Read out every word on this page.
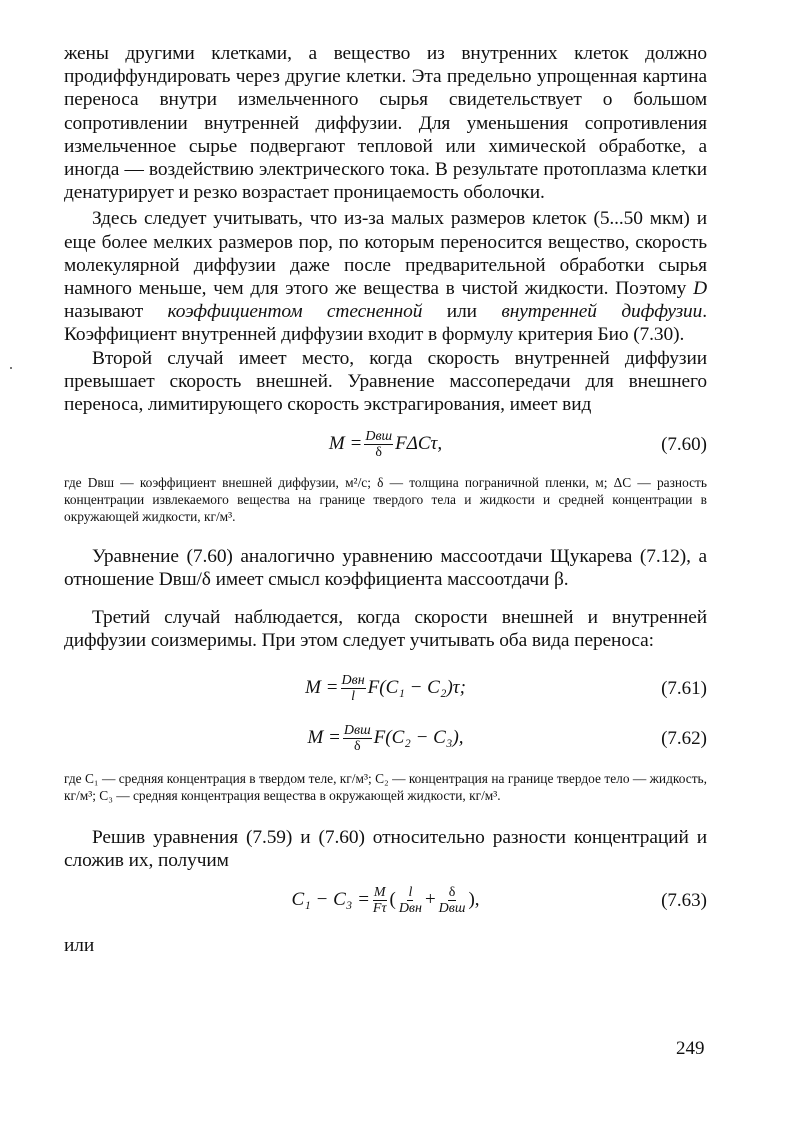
жены другими клетками, а вещество из внутренних клеток должно продиффундировать через другие клетки. Эта предельно упрощенная картина переноса внутри измельченного сырья свидетельствует о большом сопротивлении внутренней диффузии. Для уменьшения сопротивления измельченное сырье подвергают тепловой или химической обработке, а иногда — воздействию электрического тока. В результате протоплазма клетки денатурирует и резко возрастает проницаемость оболочки.

Здесь следует учитывать, что из-за малых размеров клеток (5...50 мкм) и еще более мелких размеров пор, по которым переносится вещество, скорость молекулярной диффузии даже после предварительной обработки сырья намного меньше, чем для этого же вещества в чистой жидкости. Поэтому D называют коэффициентом стесненной или внутренней диффузии. Коэффициент внутренней диффузии входит в формулу критерия Био (7.30).

Второй случай имеет место, когда скорость внутренней диффузии превышает скорость внешней. Уравнение массопередачи для внешнего переноса, лимитирующего скорость экстрагирования, имеет вид

$M = \frac{\text{Dвш}}{\delta} F\Delta C\tau$,	(7.60)

где Dвш — коэффициент внешней диффузии, м²/с; δ — толщина пограничной пленки, м; ΔC — разность концентрации извлекаемого вещества на границе твердого тела и жидкости и средней концентрации в окружающей жидкости, кг/м³.

Уравнение (7.60) аналогично уравнению массоотдачи Щукарева (7.12), а отношение Dвш/δ имеет смысл коэффициента массоотдачи β.

Третий случай наблюдается, когда скорости внешней и внутренней диффузии соизмеримы. При этом следует учитывать оба вида переноса:

$M = \frac{\text{Dвн}}{l} F(C_1 - C_2)\tau$;	(7.61)
$M = \frac{\text{Dвш}}{\delta} F(C_2 - C_3)$,	(7.62)

где C₁ — средняя концентрация в твердом теле, кг/м³; C₂ — концентрация на границе твердое тело — жидкость, кг/м³; C₃ — средняя концентрация вещества в окружающей жидкости, кг/м³.

Решив уравнения (7.59) и (7.60) относительно разности концентраций и сложив их, получим

$C_1 - C_3 = \frac{M}{F\tau}$ ( $\frac{l}{\text{Dвн}} + \frac{\delta}{\text{Dвш}}$ ),	(7.63)

или

249
